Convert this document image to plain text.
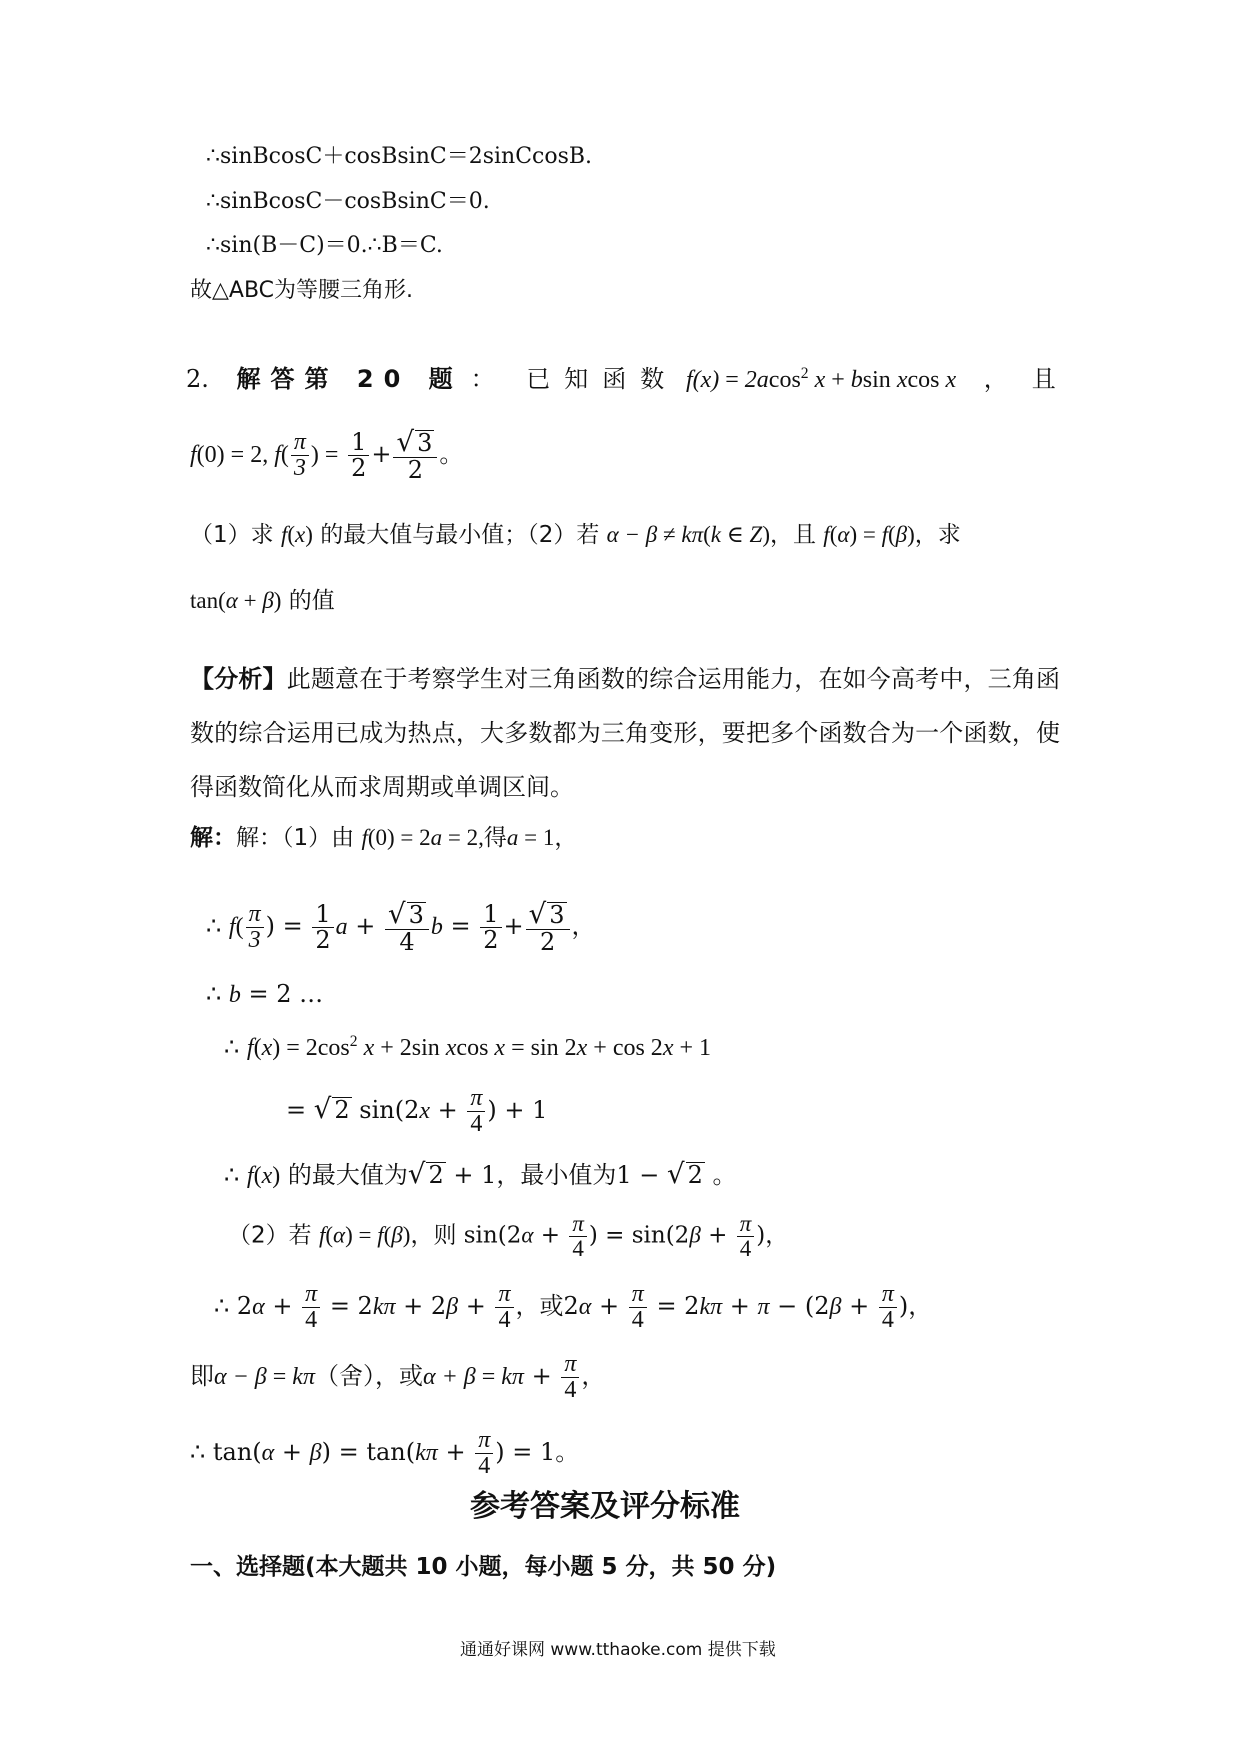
∴sinBcosC＋cosBsinC＝2sinCcosB.
∴sinBcosC－cosBsinC＝0.
∴sin(B－C)＝0.∴B＝C.
故△ABC为等腰三角形.
2. 解答第 20 题 ： 已知函数 f(x) = 2acos$^2$ x + bsin xcos x ，且
f(0) = 2, $f( \frac{\pi}{3}$ ) = $\frac{1}{2} + \frac{√ 3}{2}$ 。
（1）求 f(x) 的最大值与最小值；（2）若 α − β ≠ kπ(k ∈ Z)，且 f(α) = f(β)，求
tan(α + β) 的值
【分析】此题意在于考察学生对三角函数的综合运用能力，在如今高考中，三角函数的综合运用已成为热点，大多数都为三角变形，要把多个函数合为一个函数，使得函数简化从而求周期或单调区间。
解：解：（1）由 f(0) = 2a = 2,得a = 1，
∴ $f( \frac{\pi}{3}$ ) = $\frac{1}{2}$ $a + \frac{√ 3}{4}$ $b = \frac{1}{2} + \frac{√ 3}{2}$ ，
∴ b = 2 …
∴ $f(x) = 2\cos^2$ x + 2sin xcos x = sin 2x + cos 2x + 1
= √ 2 $\sin(2x + \frac{\pi}{4}$ ) + 1
∴ f(x) 的最大值为√ 2 + 1，最小值为1 − √ 2 。
（2）若 f(α) = f(β)，则 $\sin(2\alpha + \frac{\pi}{4}$ ) = $\sin(2\beta + \frac{\pi}{4}$ )，
∴ $2\alpha + \frac{\pi}{4} = 2k\pi + 2\beta + \frac{\pi}{4}$ ，或$2\alpha + \frac{\pi}{4} = 2k\pi + \pi - (2\beta + \frac{\pi}{4}$ )，
即α − β = kπ（舍），或$\alpha + \beta = k\pi + \frac{\pi}{4}$ ，
∴ $\tan(\alpha + \beta) = \tan(k\pi + \frac{\pi}{4}$ ) = 1。
参考答案及评分标准
一、选择题(本大题共 10 小题，每小题 5 分，共 50 分)
通通好课网 www.tthaoke.com 提供下载
